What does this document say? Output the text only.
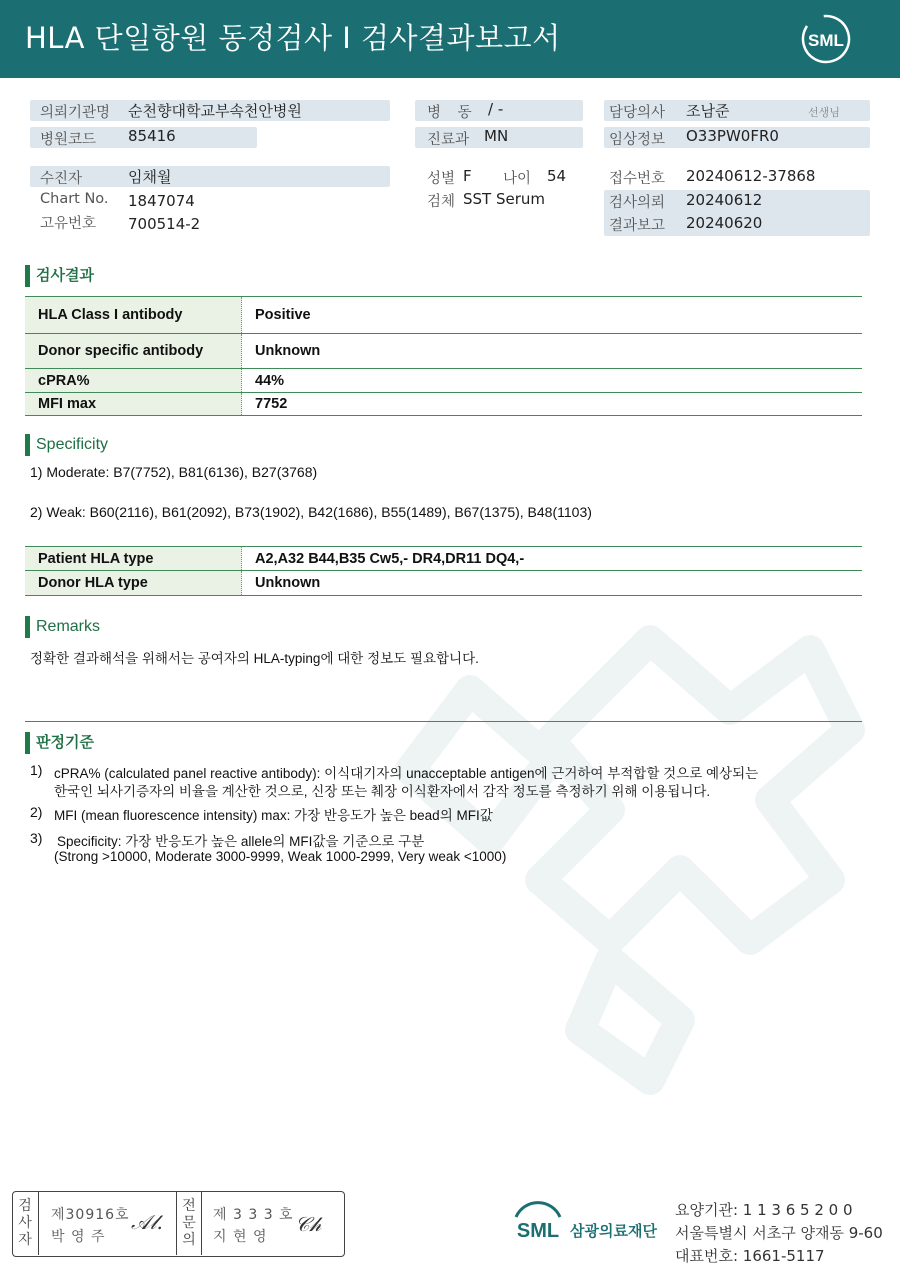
HLA 단일항원 동정검사 I 검사결과보고서	SML
의뢰기관명 순천향대학교부속천안병원
병원코드 85416
병 동 / -
진료과 MN
담당의사 조남준	선생님
임상정보 O33PW0FR0
수진자	임채월
Chart No. 1847074
고유번호 700514-2
성별 F 나이 54
검체 SST Serum
접수번호 20240612-37868
검사의뢰 20240612
결과보고 20240620
검사결과
HLA Class I antibody	Positive
Donor specific antibody	Unknown
cPRA%	44%
MFI max	7752
Specificity
1) Moderate: B7(7752), B81(6136), B27(3768)
2) Weak: B60(2116), B61(2092), B73(1902), B42(1686), B55(1489), B67(1375), B48(1103)
Patient HLA type	A2,A32 B44,B35 Cw5,- DR4,DR11 DQ4,-
Donor HLA type	Unknown
Remarks
정확한 결과해석을 위해서는 공여자의 HLA-typing에 대한 정보도 필요합니다.
판정기준
1) cPRA% (calculated panel reactive antibody): 이식대기자의 unacceptable antigen에 근거하여 부적합할 것으로 예상되는
한국인 뇌사기증자의 비율을 계산한 것으로, 신장 또는 췌장 이식환자에서 감작 정도를 측정하기 위해 이용됩니다.
2) MFI (mean fluorescence intensity) max: 가장 반응도가 높은 bead의 MFI값
3) Specificity: 가장 반응도가 높은 allele의 MFI값을 기준으로 구분
(Strong >10000, Moderate 3000-9999, Weak 1000-2999, Very weak <1000)
검사자
제30916호
박 영 주
𝒜𝓁.
전문의
제 3 3 3 호
지 현 영
𝒞𝒽	SML 삼광의료재단
요양기관: 1 1 3 6 5 2 0 0
서울특별시 서초구 양재동 9-60
대표번호: 1661-5117
